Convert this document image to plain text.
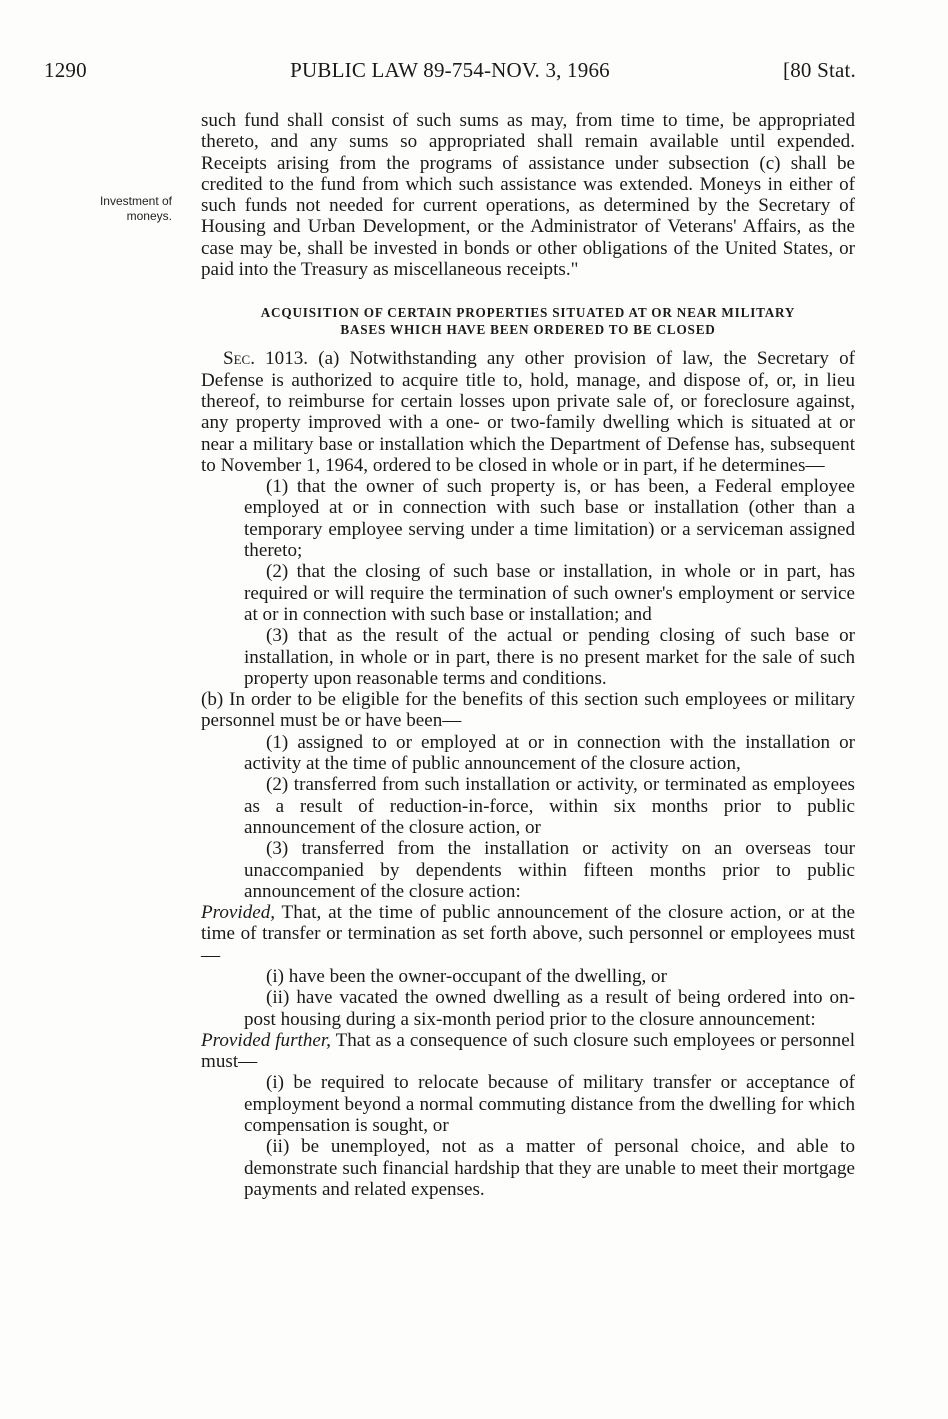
1290	PUBLIC LAW 89-754-NOV. 3, 1966	[80 Stat.
Investment of
moneys.

such fund shall consist of such sums as may, from time to time, be appropriated thereto, and any sums so appropriated shall remain available until expended. Receipts arising from the programs of assistance under subsection (c) shall be credited to the fund from which such assistance was extended. Moneys in either of such funds not needed for current operations, as determined by the Secretary of Housing and Urban Development, or the Administrator of Veterans' Affairs, as the case may be, shall be invested in bonds or other obligations of the United States, or paid into the Treasury as miscellaneous receipts."

ACQUISITION OF CERTAIN PROPERTIES SITUATED AT OR NEAR MILITARY
BASES WHICH HAVE BEEN ORDERED TO BE CLOSED

Sec. 1013. (a) Notwithstanding any other provision of law, the Secretary of Defense is authorized to acquire title to, hold, manage, and dispose of, or, in lieu thereof, to reimburse for certain losses upon private sale of, or foreclosure against, any property improved with a one- or two-family dwelling which is situated at or near a military base or installation which the Department of Defense has, subsequent to November 1, 1964, ordered to be closed in whole or in part, if he determines—

(1) that the owner of such property is, or has been, a Federal employee employed at or in connection with such base or installation (other than a temporary employee serving under a time limitation) or a serviceman assigned thereto;

(2) that the closing of such base or installation, in whole or in part, has required or will require the termination of such owner's employment or service at or in connection with such base or installation; and

(3) that as the result of the actual or pending closing of such base or installation, in whole or in part, there is no present market for the sale of such property upon reasonable terms and conditions.

(b) In order to be eligible for the benefits of this section such employees or military personnel must be or have been—

(1) assigned to or employed at or in connection with the installation or activity at the time of public announcement of the closure action,

(2) transferred from such installation or activity, or terminated as employees as a result of reduction-in-force, within six months prior to public announcement of the closure action, or

(3) transferred from the installation or activity on an overseas tour unaccompanied by dependents within fifteen months prior to public announcement of the closure action:

Provided, That, at the time of public announcement of the closure action, or at the time of transfer or termination as set forth above, such personnel or employees must—

(i) have been the owner-occupant of the dwelling, or

(ii) have vacated the owned dwelling as a result of being ordered into on-post housing during a six-month period prior to the closure announcement:

Provided further, That as a consequence of such closure such employees or personnel must—

(i) be required to relocate because of military transfer or acceptance of employment beyond a normal commuting distance from the dwelling for which compensation is sought, or

(ii) be unemployed, not as a matter of personal choice, and able to demonstrate such financial hardship that they are unable to meet their mortgage payments and related expenses.
